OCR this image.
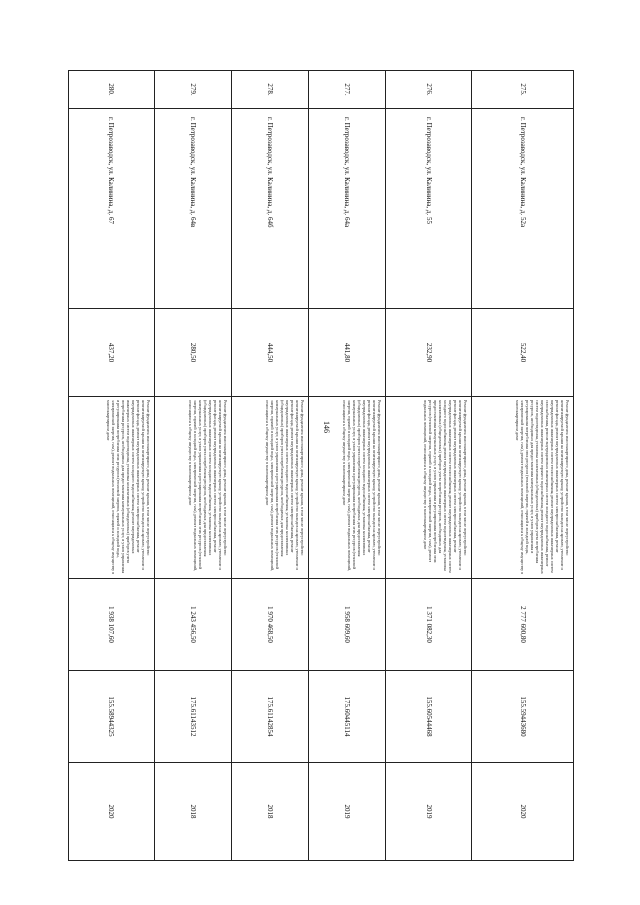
146
275.	г. Петрозаводск, ул. Калинина, д. 52а	522,40	Ремонт фундамента многоквартирного дома, ремонт крыши, в том числе переустройство невентилируемой крыши на вентилируемую крышу, устройство выходов на кровлю, утепление и ремонт фасада, ремонт внутридомовых инженерных систем электроснабжения, ремонт внутридомовых инженерных систем теплоснабжения, ремонт внутридомовых инженерных систем газоснабжения, ремонт внутридомовых инженерных систем холодного водоснабжения, ремонт внутридомовых инженерных систем горячего водоснабжения, ремонт внутридомовых инженерных систем водоотведения, установка коллективных (общедомовых) приборов учета потребления ресурсов, необходимых для предоставления коммунальных услуг, и узлов управления и регулирования потребления этих ресурсов (тепловой энергии, горячей и холодной воды, электрической энергии, газа), ремонт подвальных помещений, относящихся к общему имуществу в многоквартирном доме	2 777 600,80	155.59443680	2020
276.	г. Петрозаводск, ул. Калинина, д. 55	232,90	Ремонт фундамента многоквартирного дома, ремонт крыши, в том числе переустройство невентилируемой крыши на вентилируемую крышу, устройство выходов на кровлю, утепление и ремонт фасада, ремонт внутридомовых инженерных систем электроснабжения, ремонт внутридомовых инженерных систем теплоснабжения, ремонт внутридомовых инженерных систем холодного водоснабжения, ремонт внутридомовых инженерных систем водоотведения, установка коллективных (общедомовых) приборов учета потребления ресурсов, необходимых для предоставления коммунальных услуг, и узлов управления и регулирования потребления этих ресурсов (тепловой энергии, горячей и холодной воды, электрической энергии, газа), ремонт подвальных помещений, относящихся к общему имуществу в многоквартирном доме	1 371 082,30	155.60544468	2019
277.	г. Петрозаводск, ул. Калинина, д. 64а	441,80	Ремонт фундамента многоквартирного дома, ремонт крыши, в том числе переустройство невентилируемой крыши на вентилируемую крышу, устройство выходов на кровлю, утепление и ремонт фасада, ремонт внутридомовых инженерных систем электроснабжения, ремонт внутридомовых инженерных систем холодного водоснабжения, установка коллективных (общедомовых) приборов учета потребления ресурсов, необходимых для предоставления коммунальных услуг, и узлов управления и регулирования потребления этих ресурсов (тепловой энергии, горячей и холодной воды, электрической энергии, газа), ремонт подвальных помещений, относящихся к общему имуществу в многоквартирном доме	1 958 609,60	175.60445114	2019
278.	г. Петрозаводск, ул. Калинина, д. 64б	444,50	Ремонт фундамента многоквартирного дома, ремонт крыши, в том числе переустройство невентилируемой крыши на вентилируемую крышу, устройство выходов на кровлю, утепление и ремонт фасада, ремонт внутридомовых инженерных систем электроснабжения, ремонт внутридомовых инженерных систем холодного водоснабжения, установка коллективных (общедомовых) приборов учета потребления ресурсов, необходимых для предоставления коммунальных услуг, и узлов управления и регулирования потребления этих ресурсов (тепловой энергии, горячей и холодной воды, электрической энергии, газа), ремонт подвальных помещений, относящихся к общему имуществу в многоквартирном доме	1 970 468,50	175.61142854	2018
279.	г. Петрозаводск, ул. Калинина, д. 64в	280,50	Ремонт фундамента многоквартирного дома, ремонт крыши, в том числе переустройство невентилируемой крыши на вентилируемую крышу, устройство выходов на кровлю, утепление и ремонт фасада, ремонт внутридомовых инженерных систем электроснабжения, ремонт внутридомовых инженерных систем холодного водоснабжения, установка коллективных (общедомовых) приборов учета потребления ресурсов, необходимых для предоставления коммунальных услуг, и узлов управления и регулирования потребления этих ресурсов (тепловой энергии, горячей и холодной воды, электрической энергии, газа), ремонт подвальных помещений, относящихся к общему имуществу в многоквартирном доме	1 243 456,50	175.61143512	2018
280.	г. Петрозаводск, ул. Калинина, д. 67	437,20	Ремонт фундамента многоквартирного дома, ремонт крыши, в том числе переустройство невентилируемой крыши на вентилируемую крышу, устройство выходов на кровлю, утепление и ремонт фасада, ремонт внутридомовых инженерных систем электроснабжения, ремонт внутридомовых инженерных систем холодного водоснабжения, ремонт внутридомовых инженерных систем водоотведения, установка коллективных (общедомовых) приборов учета потребления ресурсов, необходимых для предоставления коммунальных услуг, и узлов управления и регулирования потребления этих ресурсов (тепловой энергии, горячей и холодной воды, электрической энергии, газа), ремонт подвальных помещений, относящихся к общему имуществу в многоквартирном доме	1 938 107,60	155.58944325	2020
